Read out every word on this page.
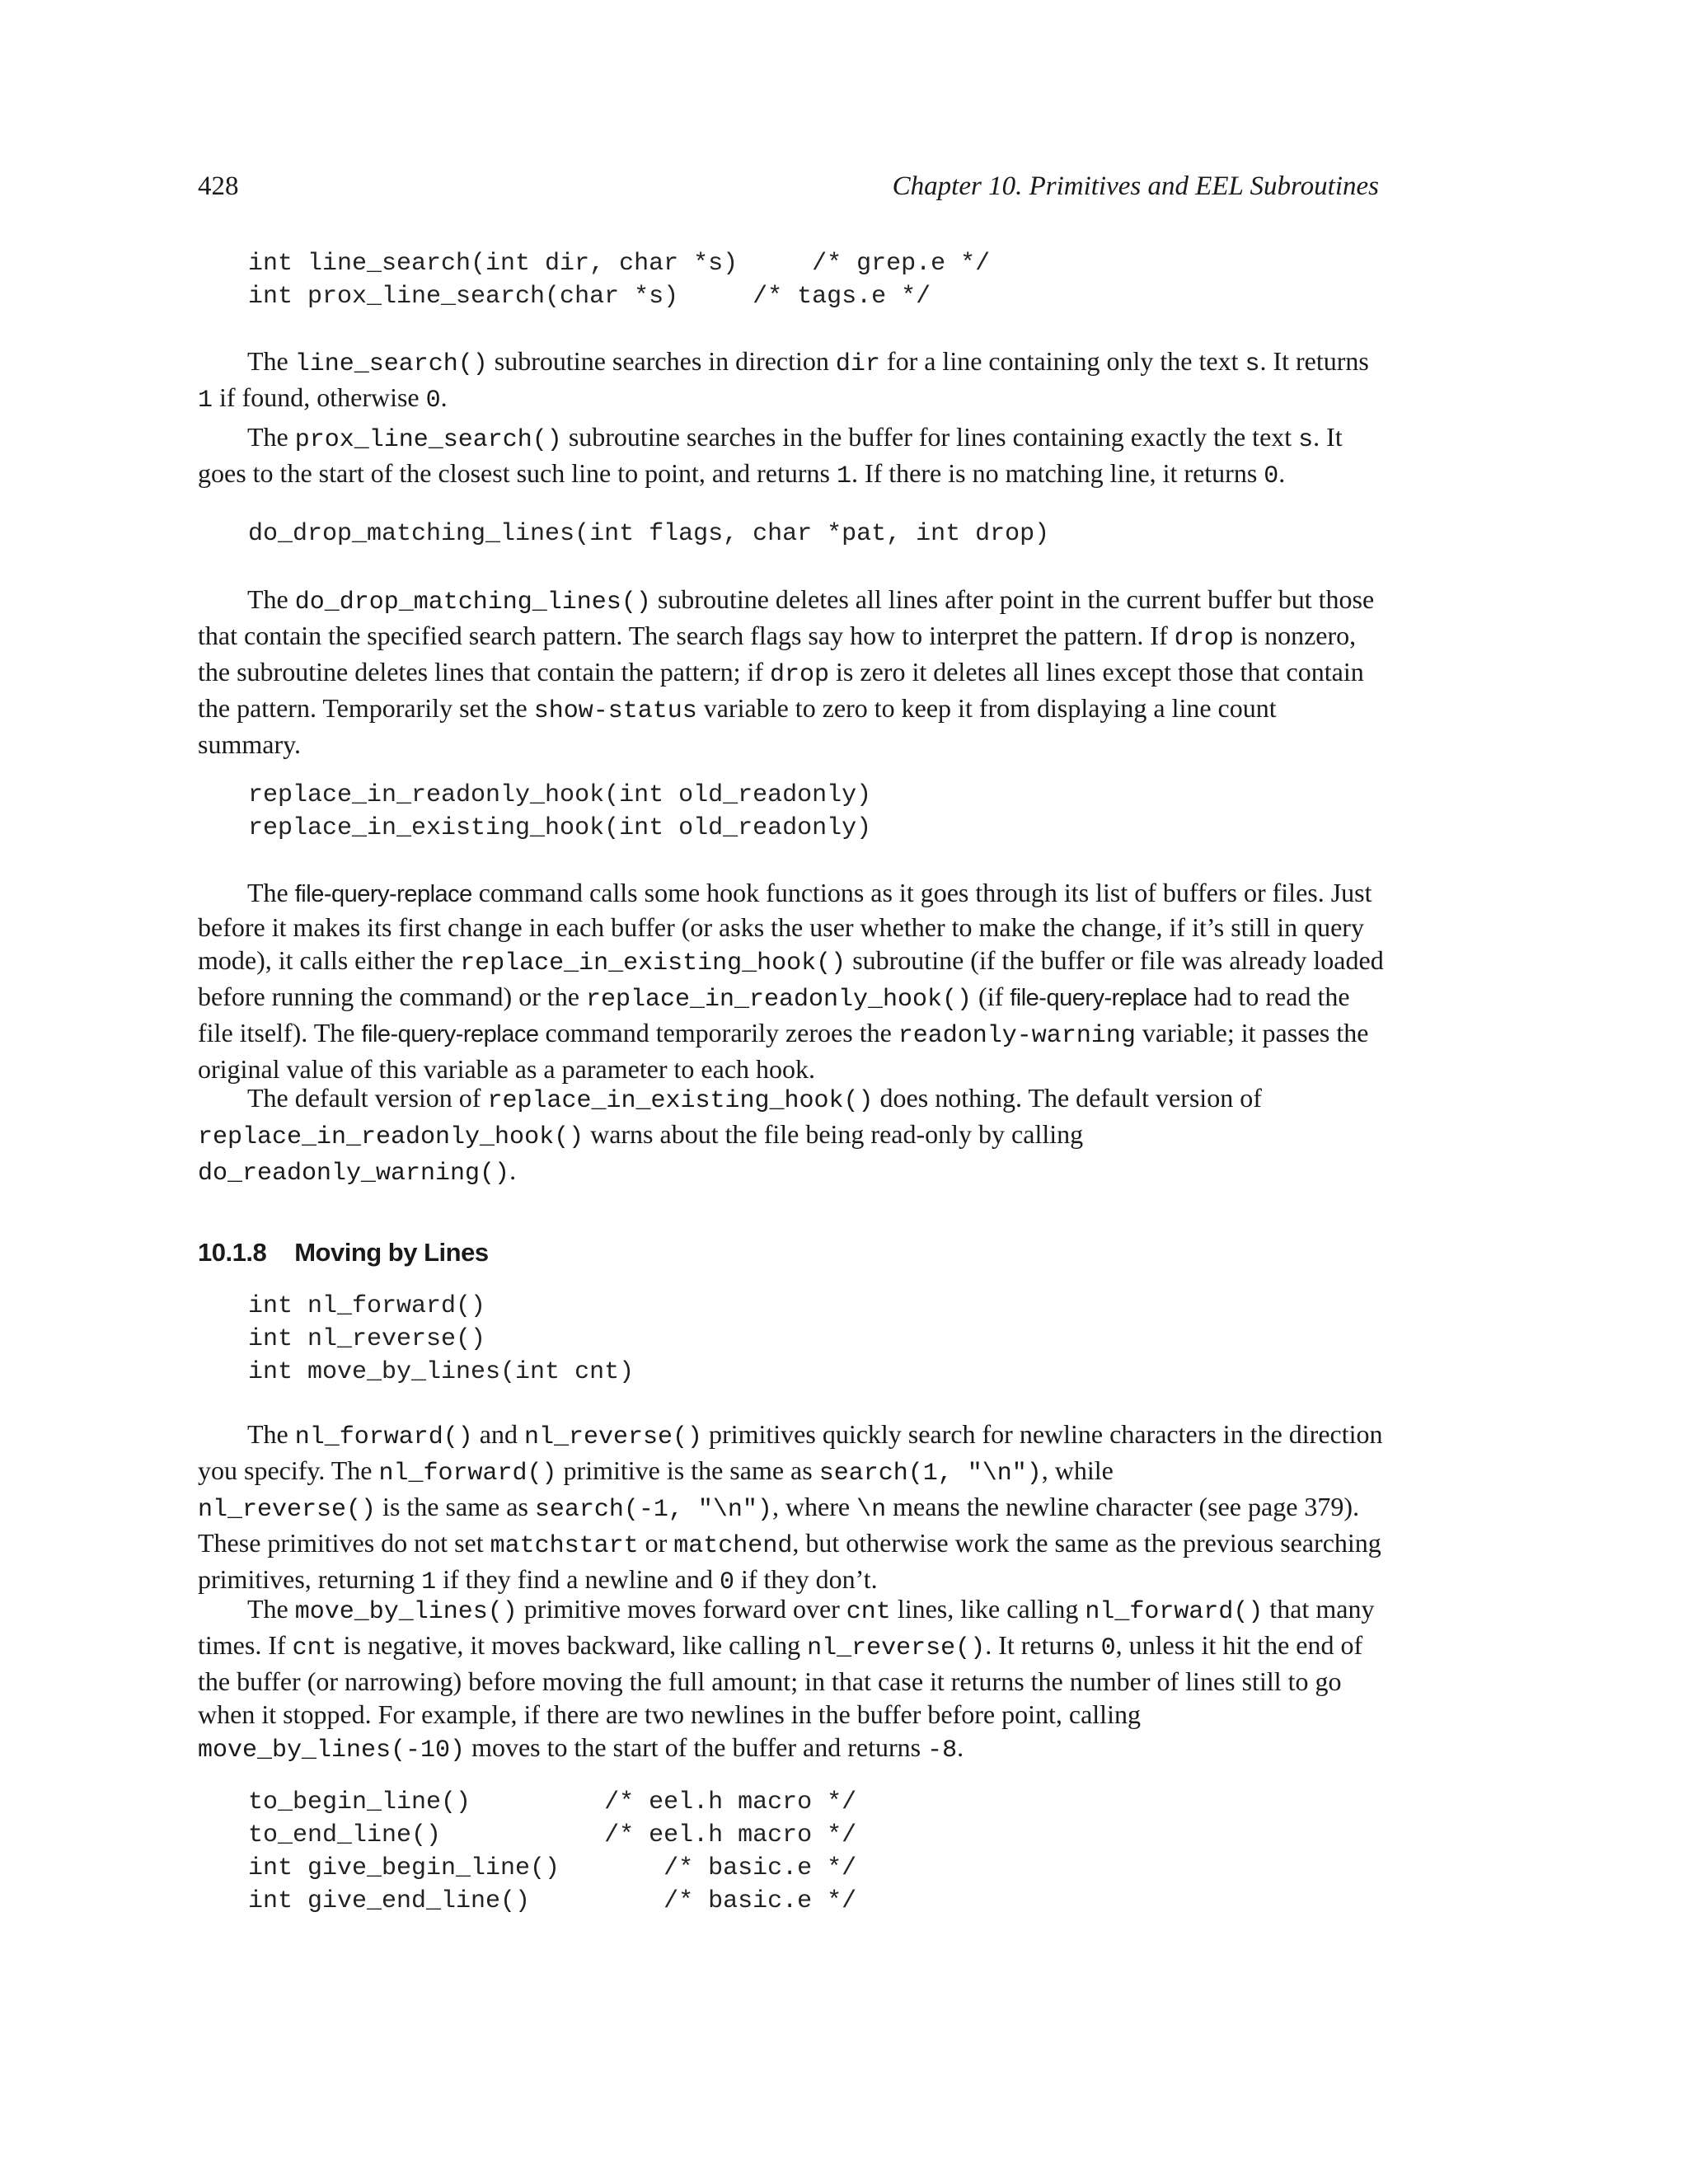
428	Chapter 10. Primitives and EEL Subroutines
int line_search(int dir, char *s)     /* grep.e */
int prox_line_search(char *s)     /* tags.e */

The line_search() subroutine searches in direction dir for a line containing only the text s. It returns 1 if found, otherwise 0.

The prox_line_search() subroutine searches in the buffer for lines containing exactly the text s. It goes to the start of the closest such line to point, and returns 1. If there is no matching line, it returns 0.

do_drop_matching_lines(int flags, char *pat, int drop)

The do_drop_matching_lines() subroutine deletes all lines after point in the current buffer but those that contain the specified search pattern. The search flags say how to interpret the pattern. If drop is nonzero, the subroutine deletes lines that contain the pattern; if drop is zero it deletes all lines except those that contain the pattern. Temporarily set the show-status variable to zero to keep it from displaying a line count summary.

replace_in_readonly_hook(int old_readonly)
replace_in_existing_hook(int old_readonly)

The file-query-replace command calls some hook functions as it goes through its list of buffers or files. Just before it makes its first change in each buffer (or asks the user whether to make the change, if it’s still in query mode), it calls either the replace_in_existing_hook() subroutine (if the buffer or file was already loaded before running the command) or the replace_in_readonly_hook() (if file-query-replace had to read the file itself). The file-query-replace command temporarily zeroes the readonly-warning variable; it passes the original value of this variable as a parameter to each hook.

The default version of replace_in_existing_hook() does nothing. The default version of
replace_in_readonly_hook() warns about the file being read-only by calling
do_readonly_warning().

10.1.8 Moving by Lines
int nl_forward()
int nl_reverse()
int move_by_lines(int cnt)

The nl_forward() and nl_reverse() primitives quickly search for newline characters in the direction you specify. The nl_forward() primitive is the same as search(1, "\n"), while
nl_reverse() is the same as search(-1, "\n"), where \n means the newline character (see page 379). These primitives do not set matchstart or matchend, but otherwise work the same as the previous searching primitives, returning 1 if they find a newline and 0 if they don’t.

The move_by_lines() primitive moves forward over cnt lines, like calling nl_forward() that many times. If cnt is negative, it moves backward, like calling nl_reverse(). It returns 0, unless it hit the end of the buffer (or narrowing) before moving the full amount; in that case it returns the number of lines still to go when it stopped. For example, if there are two newlines in the buffer before point, calling
move_by_lines(-10) moves to the start of the buffer and returns -8.

to_begin_line()         /* eel.h macro */
to_end_line()           /* eel.h macro */
int give_begin_line()       /* basic.e */
int give_end_line()         /* basic.e */
